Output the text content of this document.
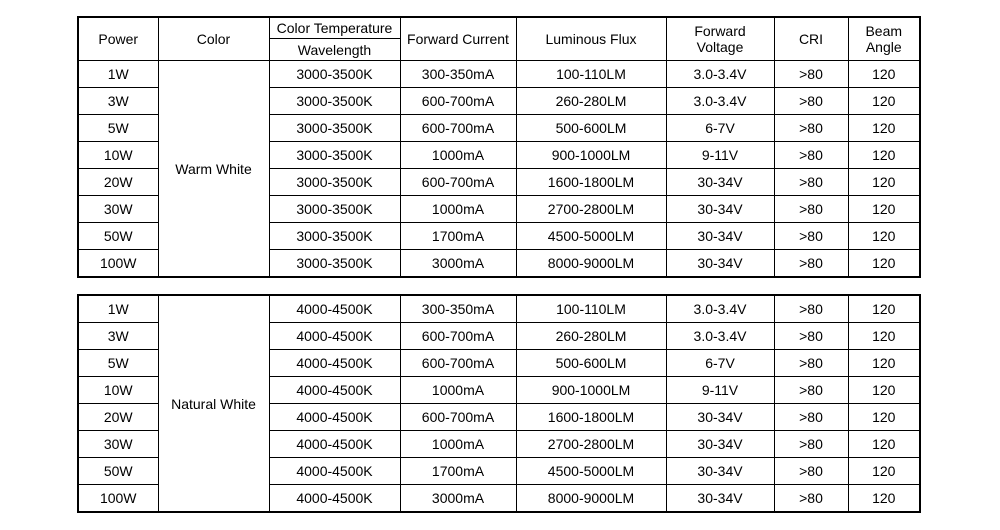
Power	Color	Color Temperature	Forward Current	Luminous Flux	Forward Voltage	CRI	Beam Angle
		Wavelength					
1W	Warm White	3000-3500K	300-350mA	100-110LM	3.0-3.4V	>80	120
3W		3000-3500K	600-700mA	260-280LM	3.0-3.4V	>80	120
5W		3000-3500K	600-700mA	500-600LM	6-7V	>80	120
10W		3000-3500K	1000mA	900-1000LM	9-11V	>80	120
20W		3000-3500K	600-700mA	1600-1800LM	30-34V	>80	120
30W		3000-3500K	1000mA	2700-2800LM	30-34V	>80	120
50W		3000-3500K	1700mA	4500-5000LM	30-34V	>80	120
100W		3000-3500K	3000mA	8000-9000LM	30-34V	>80	120
1W	Natural White	4000-4500K	300-350mA	100-110LM	3.0-3.4V	>80	120
3W		4000-4500K	600-700mA	260-280LM	3.0-3.4V	>80	120
5W		4000-4500K	600-700mA	500-600LM	6-7V	>80	120
10W		4000-4500K	1000mA	900-1000LM	9-11V	>80	120
20W		4000-4500K	600-700mA	1600-1800LM	30-34V	>80	120
30W		4000-4500K	1000mA	2700-2800LM	30-34V	>80	120
50W		4000-4500K	1700mA	4500-5000LM	30-34V	>80	120
100W		4000-4500K	3000mA	8000-9000LM	30-34V	>80	120
